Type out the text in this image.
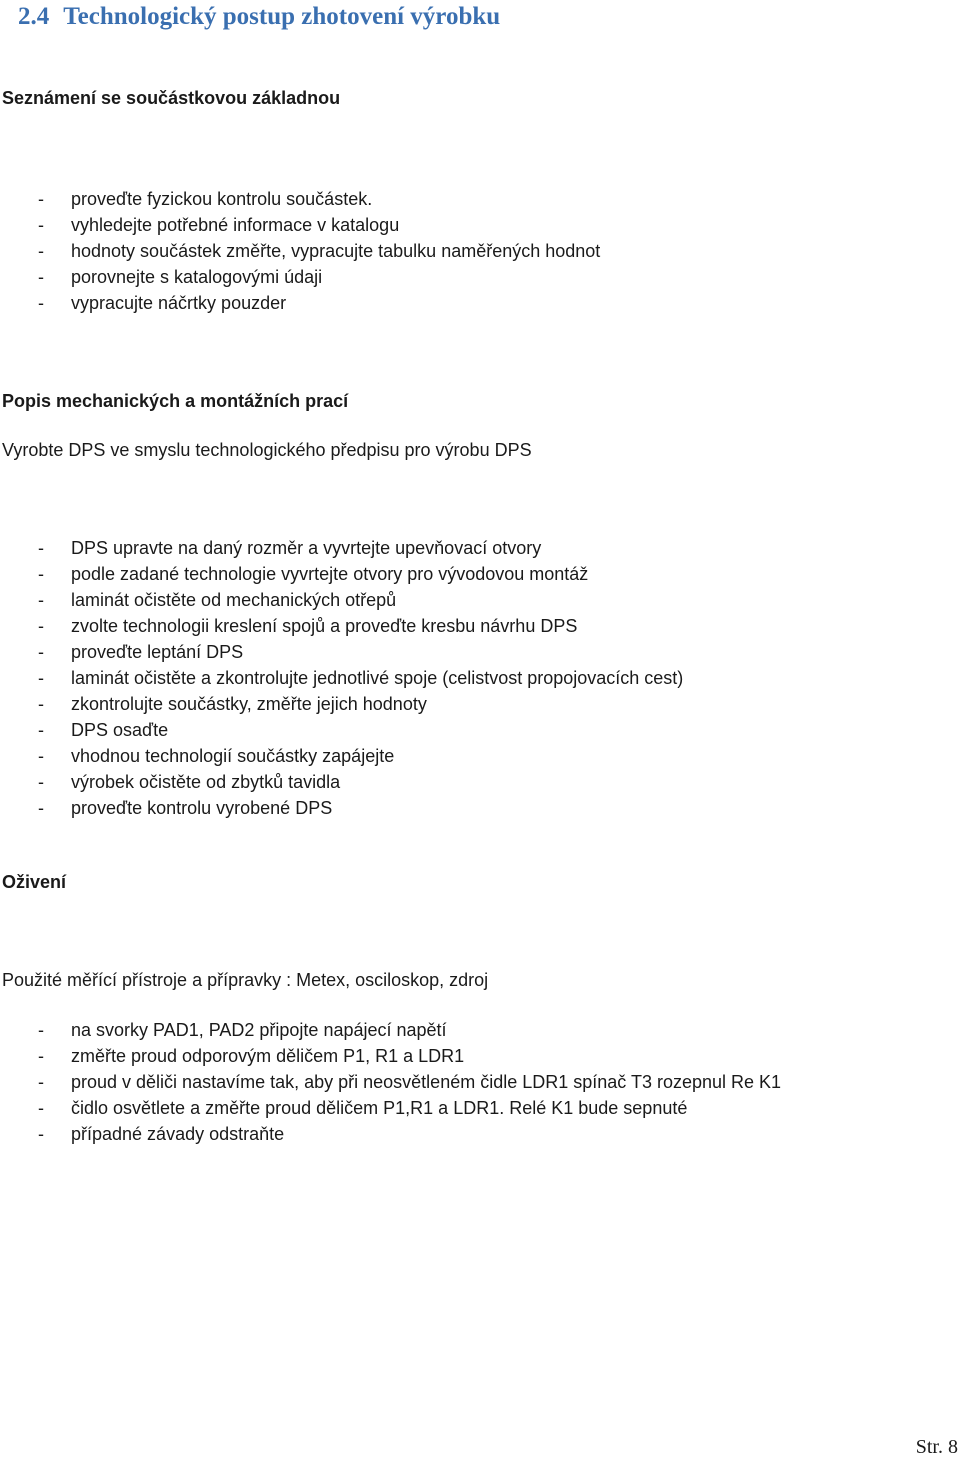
2.4 Technologický postup zhotovení výrobku
Seznámení se součástkovou základnou
- proveďte fyzickou kontrolu součástek.
- vyhledejte potřebné informace v katalogu
- hodnoty součástek změřte, vypracujte tabulku naměřených hodnot
- porovnejte s katalogovými údaji
- vypracujte náčrtky pouzder
Popis mechanických a montážních prací

Vyrobte DPS ve smyslu technologického předpisu pro výrobu DPS

- DPS upravte na daný rozměr a vyvrtejte upevňovací otvory
- podle zadané technologie vyvrtejte otvory pro vývodovou montáž
- laminát očistěte od mechanických otřepů
- zvolte technologii kreslení spojů a proveďte kresbu návrhu DPS
- proveďte leptání DPS
- laminát očistěte a zkontrolujte jednotlivé spoje (celistvost propojovacích cest)
- zkontrolujte součástky, změřte jejich hodnoty
- DPS osaďte
- vhodnou technologií součástky zapájejte
- výrobek očistěte od zbytků tavidla
- proveďte kontrolu vyrobené DPS
Oživení

Použité měřící přístroje a přípravky : Metex, osciloskop, zdroj

- na svorky PAD1, PAD2 připojte napájecí napětí
- změřte proud odporovým děličem P1, R1 a LDR1
- proud v děliči nastavíme tak, aby při neosvětleném čidle LDR1 spínač T3 rozepnul Re K1
- čidlo osvětlete a změřte proud děličem P1,R1 a LDR1. Relé K1 bude sepnuté
- případné závady odstraňte
Str. 8
